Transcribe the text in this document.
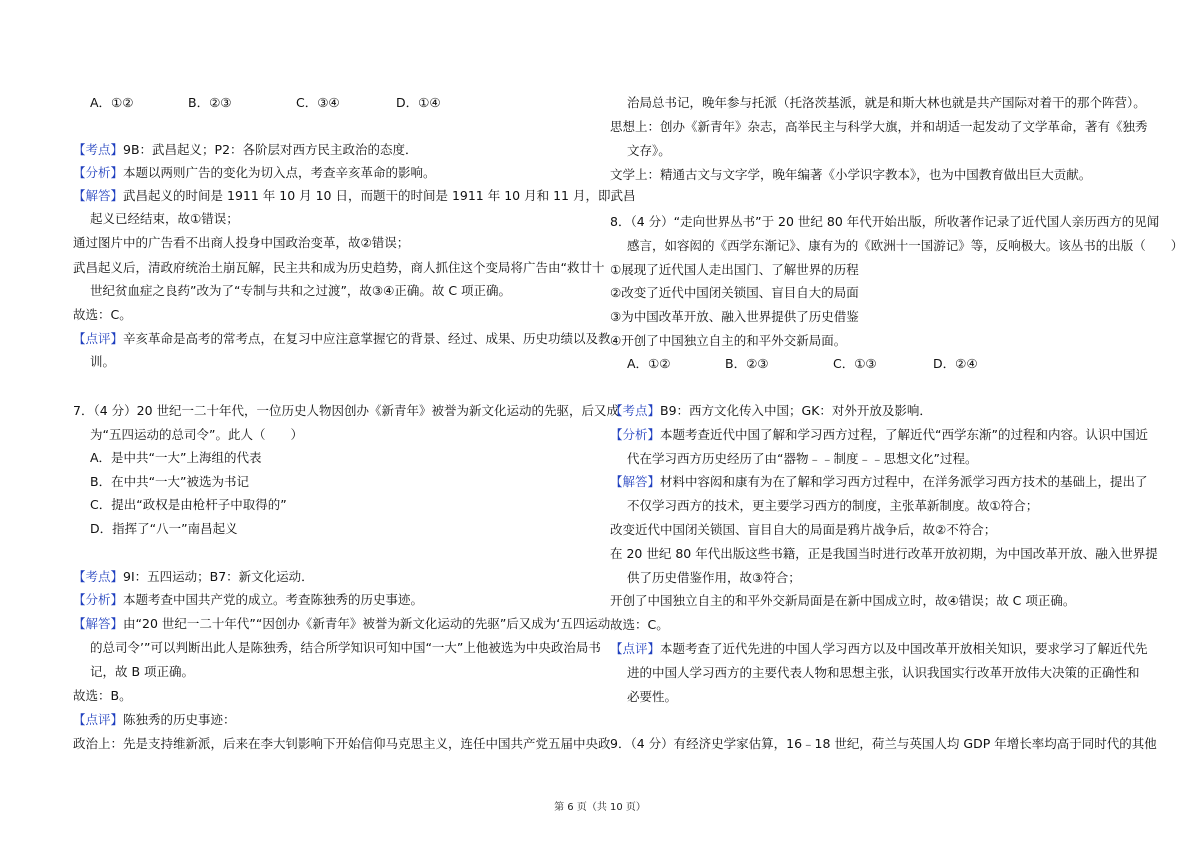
A．①②	B．②③	C．③④	D．①④
【考点】9B：武昌起义；P2：各阶层对西方民主政治的态度．
【分析】本题以两则广告的变化为切入点，考查辛亥革命的影响。
【解答】武昌起义的时间是 1911 年 10 月 10 日，而题干的时间是 1911 年 10 月和 11 月，即武昌
起义已经结束，故①错误；
通过图片中的广告看不出商人投身中国政治变革，故②错误；
武昌起义后，清政府统治土崩瓦解，民主共和成为历史趋势，商人抓住这个变局将广告由“救廿十
世纪贫血症之良药”改为了“专制与共和之过渡”，故③④正确。故 C 项正确。
故选：C。
【点评】辛亥革命是高考的常考点，在复习中应注意掌握它的背景、经过、成果、历史功绩以及教
训。
7．（4 分）20 世纪一二十年代，一位历史人物因创办《新青年》被誉为新文化运动的先驱，后又成
为“五四运动的总司令”。此人（　　）
A．是中共“一大”上海组的代表
B．在中共“一大”被选为书记
C．提出“政权是由枪杆子中取得的”
D．指挥了“八一”南昌起义
【考点】9I：五四运动；B7：新文化运动．
【分析】本题考查中国共产党的成立。考查陈独秀的历史事迹。
【解答】由“20 世纪一二十年代”“因创办《新青年》被誉为新文化运动的先驱”后又成为‘五四运动
的总司令’”可以判断出此人是陈独秀，结合所学知识可知中国“一大”上他被选为中央政治局书
记，故 B 项正确。
故选：B。
【点评】陈独秀的历史事迹：
政治上：先是支持维新派，后来在李大钊影响下开始信仰马克思主义，连任中国共产党五届中央政
治局总书记，晚年参与托派（托洛茨基派，就是和斯大林也就是共产国际对着干的那个阵营）。
思想上：创办《新青年》杂志，高举民主与科学大旗，并和胡适一起发动了文学革命，著有《独秀
文存》。
文学上：精通古文与文字学，晚年编著《小学识字教本》，也为中国教育做出巨大贡献。
8．（4 分）“走向世界丛书”于 20 世纪 80 年代开始出版，所收著作记录了近代国人亲历西方的见闻
感言，如容闳的《西学东渐记》、康有为的《欧洲十一国游记》等，反响极大。该丛书的出版（　　）
①展现了近代国人走出国门、了解世界的历程
②改变了近代中国闭关锁国、盲目自大的局面
③为中国改革开放、融入世界提供了历史借鉴
④开创了中国独立自主的和平外交新局面。
A．①②	B．②③	C．①③	D．②④
【考点】B9：西方文化传入中国；GK：对外开放及影响．
【分析】本题考查近代中国了解和学习西方过程，了解近代“西学东渐”的过程和内容。认识中国近
代在学习西方历史经历了由“器物﹣﹣制度﹣﹣思想文化”过程。
【解答】材料中容闳和康有为在了解和学习西方过程中，在洋务派学习西方技术的基础上，提出了
不仅学习西方的技术，更主要学习西方的制度，主张革新制度。故①符合；
改变近代中国闭关锁国、盲目自大的局面是鸦片战争后，故②不符合；
在 20 世纪 80 年代出版这些书籍，正是我国当时进行改革开放初期，为中国改革开放、融入世界提
供了历史借鉴作用，故③符合；
开创了中国独立自主的和平外交新局面是在新中国成立时，故④错误；故 C 项正确。
故选：C。
【点评】本题考查了近代先进的中国人学习西方以及中国改革开放相关知识，要求学习了解近代先
进的中国人学习西方的主要代表人物和思想主张，认识我国实行改革开放伟大决策的正确性和
必要性。
9．（4 分）有经济史学家估算，16﹣18 世纪，荷兰与英国人均 GDP 年增长率均高于同时代的其他
第 6 页（共 10 页）
